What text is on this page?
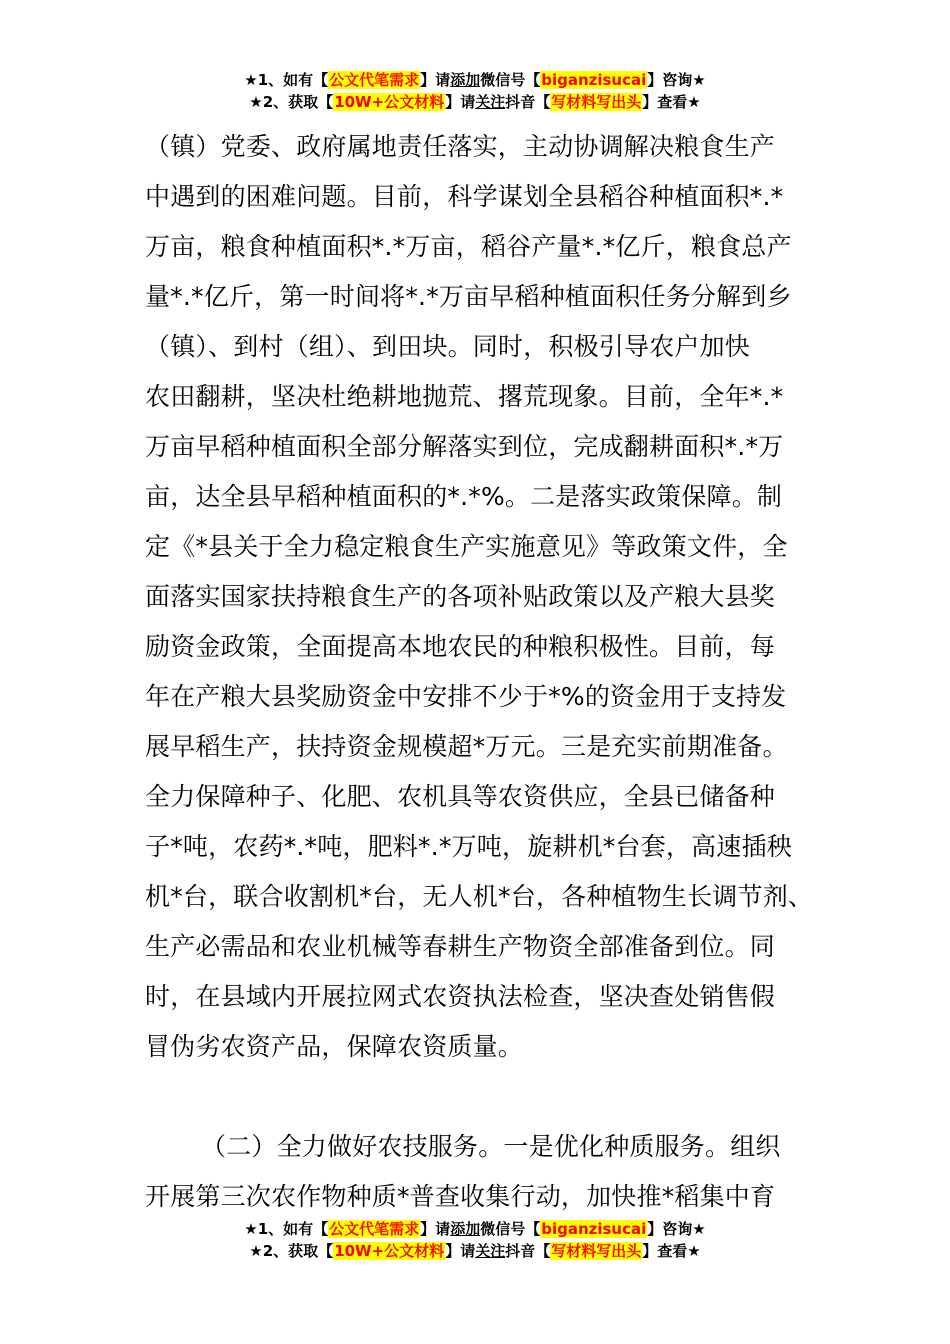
★1、如有【公文代笔需求】请添加微信号【biganzisucai】咨询★
★2、获取【10W+公文材料】请关注抖音【写材料写出头】查看★
（镇）党委、政府属地责任落实，主动协调解决粮食生产
中遇到的困难问题。目前，科学谋划全县稻谷种植面积*.*
万亩，粮食种植面积*.*万亩，稻谷产量*.*亿斤，粮食总产
量*.*亿斤，第一时间将*.*万亩早稻种植面积任务分解到乡
（镇）、到村（组）、到田块。同时，积极引导农户加快
农田翻耕，坚决杜绝耕地抛荒、撂荒现象。目前，全年*.*
万亩早稻种植面积全部分解落实到位，完成翻耕面积*.*万
亩，达全县早稻种植面积的*.*%。二是落实政策保障。制
定《*县关于全力稳定粮食生产实施意见》等政策文件，全
面落实国家扶持粮食生产的各项补贴政策以及产粮大县奖
励资金政策，全面提高本地农民的种粮积极性。目前，每
年在产粮大县奖励资金中安排不少于*%的资金用于支持发
展早稻生产，扶持资金规模超*万元。三是充实前期准备。
全力保障种子、化肥、农机具等农资供应，全县已储备种
子*吨，农药*.*吨，肥料*.*万吨，旋耕机*台套，高速插秧
机*台，联合收割机*台，无人机*台，各种植物生长调节剂、
生产必需品和农业机械等春耕生产物资全部准备到位。同
时，在县域内开展拉网式农资执法检查，坚决查处销售假
冒伪劣农资产品，保障农资质量。
（二）全力做好农技服务。一是优化种质服务。组织
开展第三次农作物种质*普查收集行动，加快推*稻集中育
★1、如有【公文代笔需求】请添加微信号【biganzisucai】咨询★
★2、获取【10W+公文材料】请关注抖音【写材料写出头】查看★
